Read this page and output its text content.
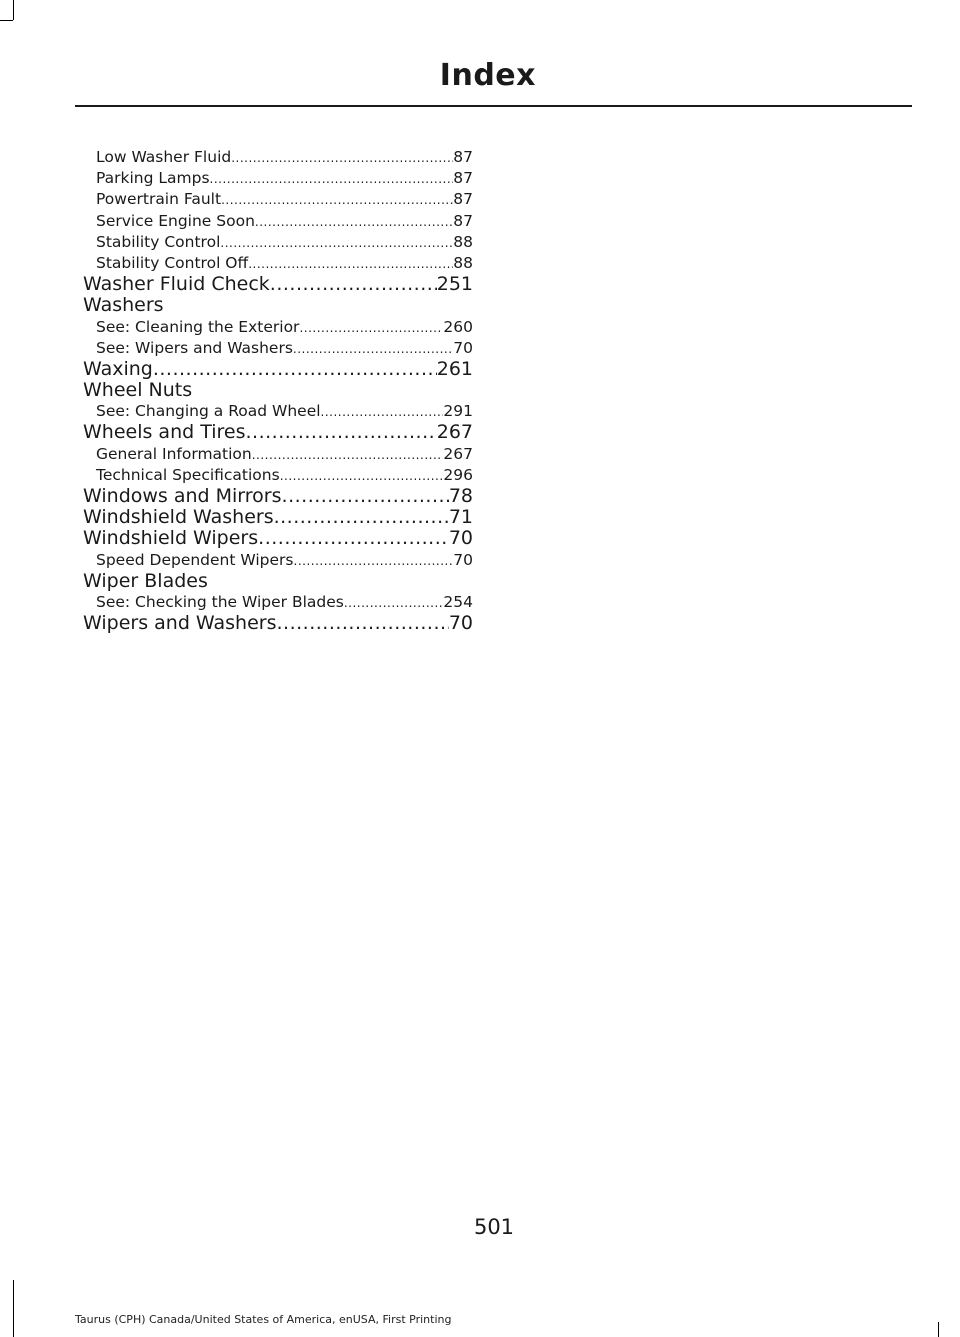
Index
Low Washer Fluid .....	87
Parking Lamps .....	87
Powertrain Fault .....	87
Service Engine Soon .....	87
Stability Control .....	88
Stability Control Off .....	88
Washer Fluid Check .....	251
Washers
See: Cleaning the Exterior .....	260
See: Wipers and Washers .....	70
Waxing .....	261
Wheel Nuts
See: Changing a Road Wheel .....	291
Wheels and Tires .....	267
General Information .....	267
Technical Specifications .....	296
Windows and Mirrors .....	78
Windshield Washers .....	71
Windshield Wipers .....	70
Speed Dependent Wipers .....	70
Wiper Blades
See: Checking the Wiper Blades .....	254
Wipers and Washers .....	70
501
Taurus (CPH) Canada/United States of America, enUSA, First Printing
